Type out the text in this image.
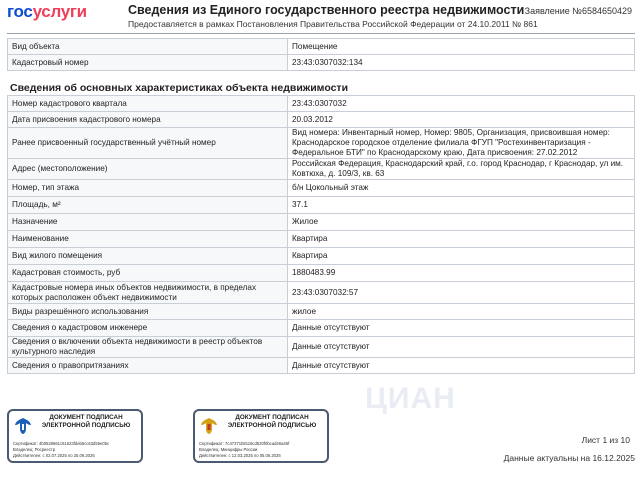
госуслуги	Сведения из Единого государственного реестра недвижимости
Предоставляется в рамках Постановления Правительства Российской Федерации от 24.10.2011 № 861
Заявление №6584650429
Вид объекта	Помещение
Кадастровый номер	23:43:0307032:134
Сведения об основных характеристиках объекта недвижимости
Номер кадастрового квартала	23:43:0307032
Дата присвоения кадастрового номера	20.03.2012
Ранее присвоенный государственный учётный номер	Вид номера: Инвентарный номер, Номер: 9805, Организация, присвоившая номер: Краснодарское городское отделение филиала ФГУП "Ростехинвентаризация - Федеральное БТИ" по Краснодарскому краю, Дата присвоения: 27.02.2012
Адрес (местоположение)	Российская Федерация, Краснодарский край, г.о. город Краснодар, г Краснодар, ул им. Ковтюха, д. 109/3, кв. 63
Номер, тип этажа	б/н Цокольный этаж
Площадь, м²	37.1
Назначение	Жилое
Наименование	Квартира
Вид жилого помещения	Квартира
Кадастровая стоимость, руб	1880483.99
Кадастровые номера иных объектов недвижимости, в пределах которых расположен объект недвижимости	23:43:0307032:57
Виды разрешённого использования	жилое
Сведения о кадастровом инженере	Данные отсутствуют
Сведения о включении объекта недвижимости в реестр объектов культурного наследия	Данные отсутствуют
Сведения о правопритязаниях	Данные отсутствуют
ЦИАН
ДОКУМЕНТ ПОДПИСАН ЭЛЕКТРОННОЙ ПОДПИСЬЮ
Сертификат: 4b0528661c61623fdeb6cc63d55e0bc
Владелец: Росреестр
Действителен: с 02.07.2025 по 25.09.2026
ДОКУМЕНТ ПОДПИСАН ЭЛЕКТРОННОЙ ПОДПИСЬЮ
Сертификат: 7c47371b8116cd520f0bcad46a45f
Владелец: Минцифры России
Действителен: с 12.03.2025 по 05.06.2026
Лист 1 из 10
Данные актуальны на 16.12.2025
